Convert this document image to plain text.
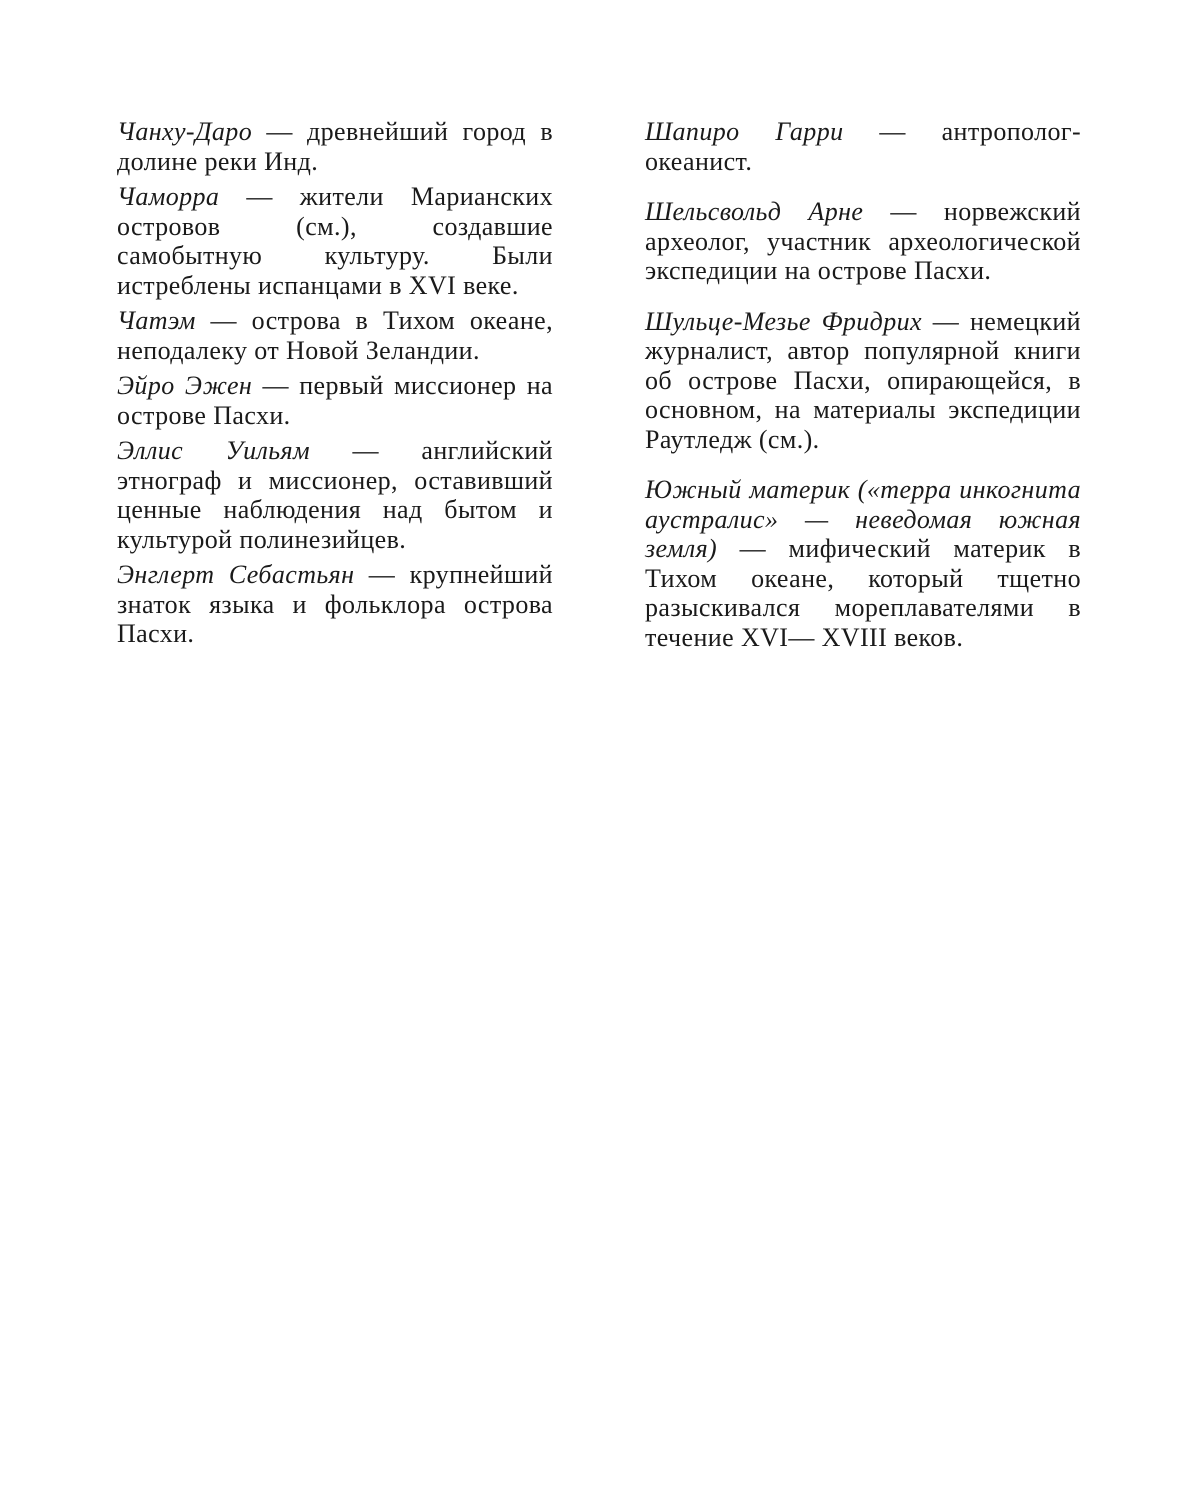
Чанху-Даро — древнейший город в долине реки Инд.

Чаморра — жители Марианских островов (см.), создавшие самобытную культуру. Были истреблены испанцами в XVI веке.

Чатэм — острова в Тихом океане, неподалеку от Новой Зеландии.

Эйро Эжен — первый миссионер на острове Пасхи.

Эллис Уильям — английский этнограф и миссионер, оставивший ценные наблюдения над бытом и культурой полинезийцев.

Энглерт Себастьян — крупнейший знаток языка и фольклора острова Пасхи.

Шапиро Гарри — антрополог-океанист.

Шельсвольд Арне — норвежский археолог, участник археологической экспедиции на острове Пасхи.

Шульце-Мезье Фридрих — немецкий журналист, автор популярной книги об острове Пасхи, опирающейся, в основном, на материалы экспедиции Раутледж (см.).

Южный материк («терра инкогнита аустралис» — неведомая южная земля) — мифический материк в Тихом океане, который тщетно разыскивался мореплавателями в течение XVI— XVIII веков.
